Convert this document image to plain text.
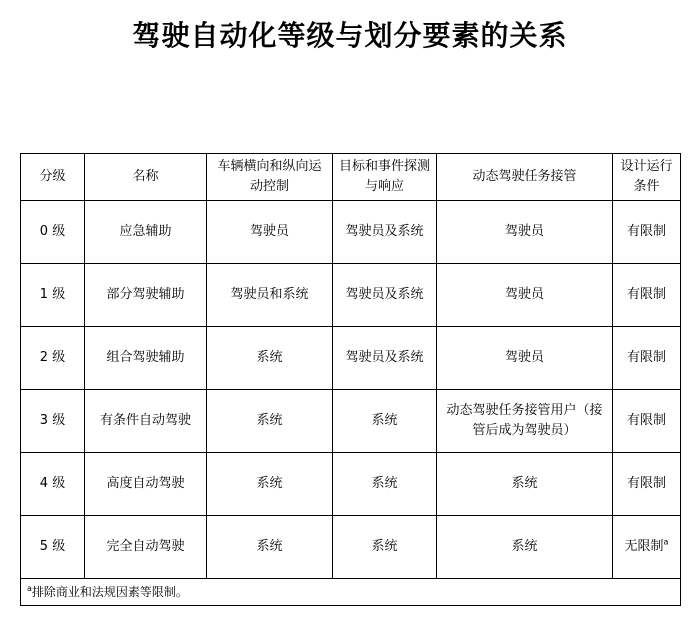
驾驶自动化等级与划分要素的关系
分级	名称	车辆横向和纵向运动控制	目标和事件探测与响应	动态驾驶任务接管	设计运行条件
0 级	应急辅助	驾驶员	驾驶员及系统	驾驶员	有限制
1 级	部分驾驶辅助	驾驶员和系统	驾驶员及系统	驾驶员	有限制
2 级	组合驾驶辅助	系统	驾驶员及系统	驾驶员	有限制
3 级	有条件自动驾驶	系统	系统	动态驾驶任务接管用户（接管后成为驾驶员）	有限制
4 级	高度自动驾驶	系统	系统	系统	有限制
5 级	完全自动驾驶	系统	系统	系统	无限制$^a$
$^a$排除商业和法规因素等限制。					
